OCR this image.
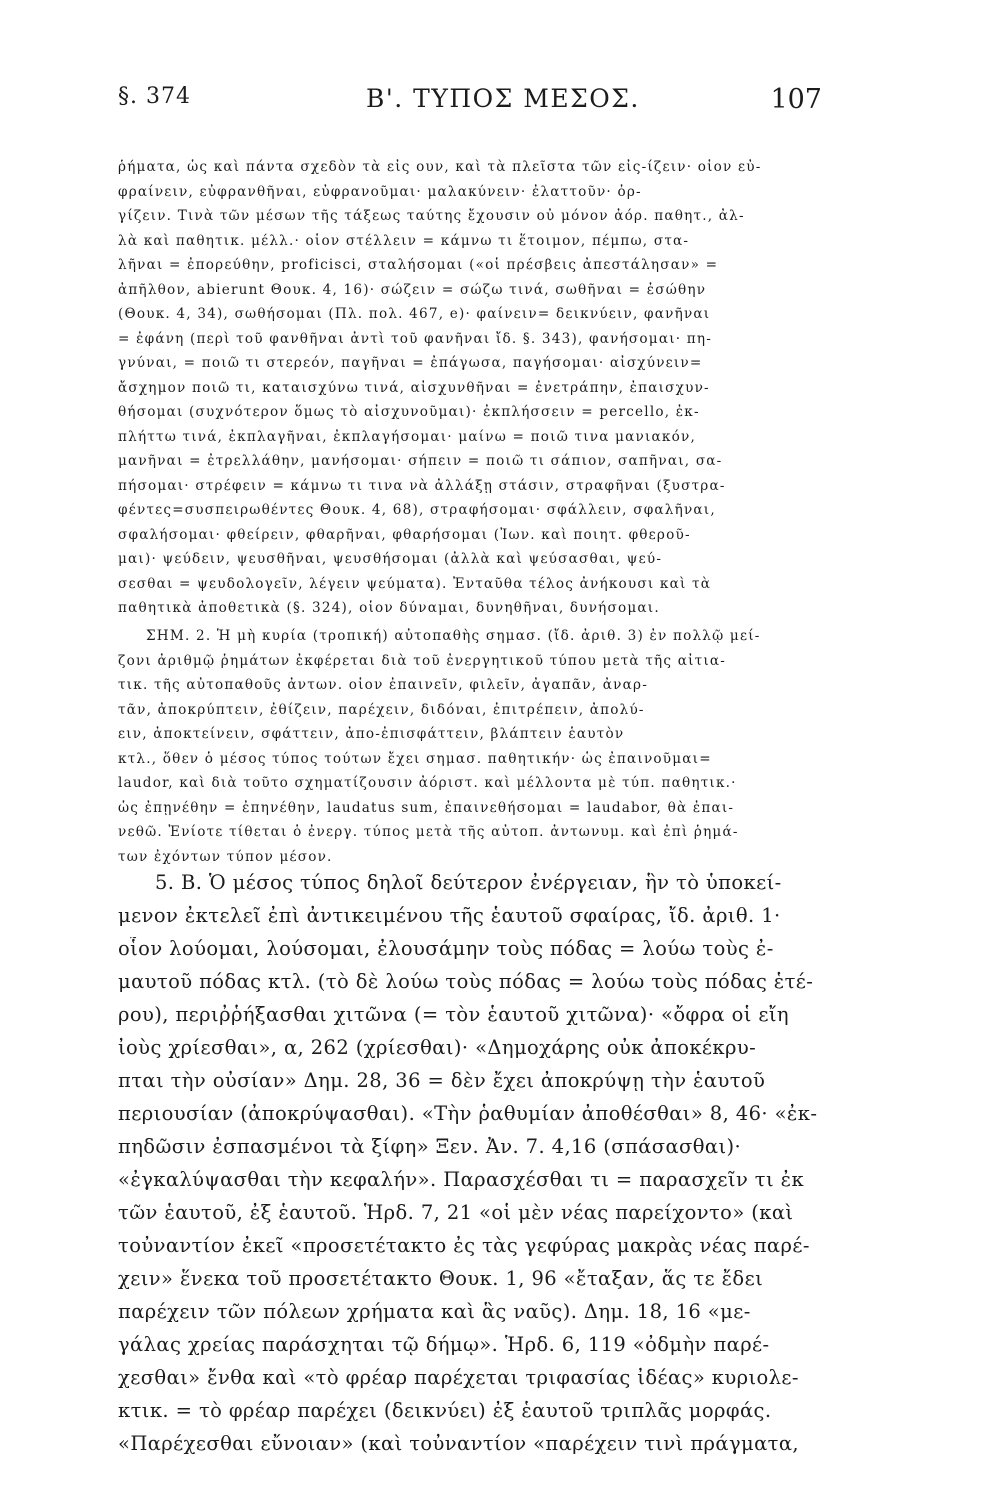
§. 374	Β'. ΤΥΠΟΣ ΜΕΣΟΣ.	107
ῥήματα, ὡς καὶ πάντα σχεδὸν τὰ εἰς ουν, καὶ τὰ πλεῖστα τῶν εἰς-ίζειν· οἷον εὐ-
φραίνειν, εὐφρανθῆναι, εὐφρανοῦμαι· μαλακύνειν· ἐλαττοῦν· ὀρ-
γίζειν. Τινὰ τῶν μέσων τῆς τάξεως ταύτης ἔχουσιν οὐ μόνον ἀόρ. παθητ., ἀλ-
λὰ καὶ παθητικ. μέλλ.· οἷον στέλλειν = κάμνω τι ἕτοιμον, πέμπω, στα-
λῆναι = ἐπορεύθην, proficisci, σταλήσομαι («οἱ πρέσβεις ἀπεστάλησαν» =
ἀπῆλθον, abierunt Θουκ. 4, 16)· σώζειν = σώζω τινά, σωθῆναι = ἐσώθην
(Θουκ. 4, 34), σωθήσομαι (Πλ. πολ. 467, e)· φαίνειν= δεικνύειν, φανῆναι
= ἐφάνη (περὶ τοῦ φανθῆναι ἀντὶ τοῦ φανῆναι ἴδ. §. 343), φανήσομαι· πη-
γνύναι, = ποιῶ τι στερεόν, παγῆναι = ἐπάγωσα, παγήσομαι· αἰσχύνειν=
ἄσχημον ποιῶ τι, καταισχύνω τινά, αἰσχυνθῆναι = ἐνετράπην, ἐπαισχυν-
θήσομαι (συχνότερον ὅμως τὸ αἰσχυνοῦμαι)· ἐκπλήσσειν = percello, ἐκ-
πλήττω τινά, ἐκπλαγῆναι, ἐκπλαγήσομαι· μαίνω = ποιῶ τινα μανιακόν,
μανῆναι = ἐτρελλάθην, μανήσομαι· σήπειν = ποιῶ τι σάπιον, σαπῆναι, σα-
πήσομαι· στρέφειν = κάμνω τι τινα νὰ ἀλλάξῃ στάσιν, στραφῆναι (ξυστρα-
φέντες=συσπειρωθέντες Θουκ. 4, 68), στραφήσομαι· σφάλλειν, σφαλῆναι,
σφαλήσομαι· φθείρειν, φθαρῆναι, φθαρήσομαι (Ἰων. καὶ ποιητ. φθεροῦ-
μαι)· ψεύδειν, ψευσθῆναι, ψευσθήσομαι (ἀλλὰ καὶ ψεύσασθαι, ψεύ-
σεσθαι = ψευδολογεῖν, λέγειν ψεύματα). Ἐνταῦθα τέλος ἀνήκουσι καὶ τὰ
παθητικὰ ἀποθετικὰ (§. 324), οἷον δύναμαι, δυνηθῆναι, δυνήσομαι.
ΣΗΜ. 2. Ἡ μὴ κυρία (τροπική) αὐτοπαθὴς σημασ. (ἴδ. ἀριθ. 3) ἐν πολλῷ μεί-
ζονι ἀριθμῷ ῥημάτων ἐκφέρεται διὰ τοῦ ἐνεργητικοῦ τύπου μετὰ τῆς αἰτια-
τικ. τῆς αὐτοπαθοῦς ἀντων. οἷον ἐπαινεῖν, φιλεῖν, ἀγαπᾶν, ἀναρ-
τᾶν, ἀποκρύπτειν, ἐθίζειν, παρέχειν, διδόναι, ἐπιτρέπειν, ἀπολύ-
ειν, ἀποκτείνειν, σφάττειν, ἀπο-ἐπισφάττειν, βλάπτειν ἑαυτὸν
κτλ., ὅθεν ὁ μέσος τύπος τούτων ἔχει σημασ. παθητικήν· ὡς ἐπαινοῦμαι=
laudor, καὶ διὰ τοῦτο σχηματίζουσιν ἀόριστ. καὶ μέλλοντα μὲ τύπ. παθητικ.·
ὡς ἐπῃνέθην = ἐπηνέθην, laudatus sum, ἐπαινεθήσομαι = laudabor, θὰ ἐπαι-
νεθῶ. Ἐνίοτε τίθεται ὁ ἐνεργ. τύπος μετὰ τῆς αὐτοπ. ἀντωνυμ. καὶ ἐπὶ ῥημά-
των ἐχόντων τύπον μέσον.
5. Β. Ὁ μέσος τύπος δηλοῖ δεύτερον ἐνέργειαν, ἣν τὸ ὑποκεί-
μενον ἐκτελεῖ ἐπὶ ἀντικειμένου τῆς ἑαυτοῦ σφαίρας, ἴδ. ἀριθ. 1·
οἷον λούομαι, λούσομαι, ἐλουσάμην τοὺς πόδας = λούω τοὺς ἐ-
μαυτοῦ πόδας κτλ. (τὸ δὲ λούω τοὺς πόδας = λούω τοὺς πόδας ἑτέ-
ρου), περιῤῥήξασθαι χιτῶνα (= τὸν ἑαυτοῦ χιτῶνα)· «ὄφρα οἱ εἴη
ἰοὺς χρίεσθαι», α, 262 (χρίεσθαι)· «Δημοχάρης οὐκ ἀποκέκρυ-
πται τὴν οὐσίαν» Δημ. 28, 36 = δὲν ἔχει ἀποκρύψῃ τὴν ἑαυτοῦ
περιουσίαν (ἀποκρύψασθαι). «Τὴν ῥαθυμίαν ἀποθέσθαι» 8, 46· «ἐκ-
πηδῶσιν ἐσπασμένοι τὰ ξίφη» Ξεν. Ἀν. 7. 4,16 (σπάσασθαι)·
«ἐγκαλύψασθαι τὴν κεφαλήν». Παρασχέσθαι τι = παρασχεῖν τι ἐκ
τῶν ἑαυτοῦ, ἐξ ἑαυτοῦ. Ἡρδ. 7, 21 «οἱ μὲν νέας παρείχοντο» (καὶ
τοὐναντίον ἐκεῖ «προσετέτακτο ἐς τὰς γεφύρας μακρὰς νέας παρέ-
χειν» ἕνεκα τοῦ προσετέτακτο Θουκ. 1, 96 «ἔταξαν, ἅς τε ἔδει
παρέχειν τῶν πόλεων χρήματα καὶ ἃς ναῦς). Δημ. 18, 16 «με-
γάλας χρείας παράσχηται τῷ δήμῳ». Ἡρδ. 6, 119 «ὀδμὴν παρέ-
χεσθαι» ἔνθα καὶ «τὸ φρέαρ παρέχεται τριφασίας ἰδέας» κυριολε-
κτικ. = τὸ φρέαρ παρέχει (δεικνύει) ἐξ ἑαυτοῦ τριπλᾶς μορφάς.
«Παρέχεσθαι εὔνοιαν» (καὶ τοὐναντίον «παρέχειν τινὶ πράγματα,
